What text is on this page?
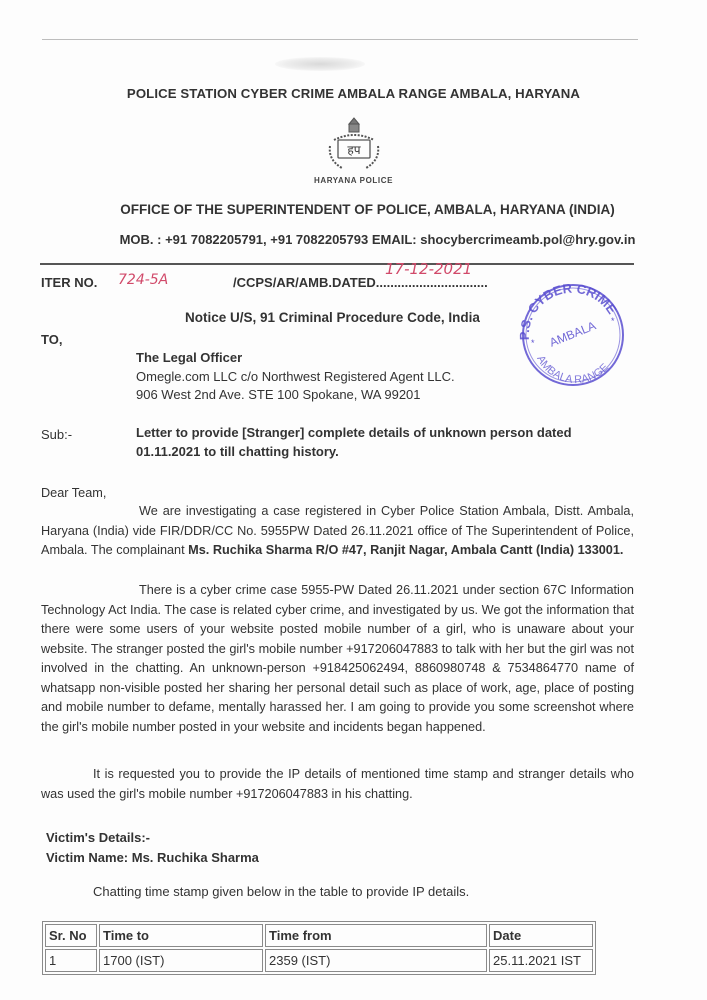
POLICE STATION CYBER CRIME AMBALA RANGE AMBALA, HARYANA
हप
HARYANA POLICE
OFFICE OF THE SUPERINTENDENT OF POLICE, AMBALA, HARYANA (INDIA)
MOB. : +91 7082205791, +91 7082205793 EMAIL: shocybercrimeamb.pol@hry.gov.in
ITER NO. 724-5A	/CCPS/AR/AMB.DATED...............................
17-12-2021
P.S. CYBER CRIME
AMBALA
AMBALA RANGE
*
*
Notice U/S, 91 Criminal Procedure Code, India
TO,
The Legal Officer
Omegle.com LLC c/o Northwest Registered Agent LLC.
906 West 2nd Ave. STE 100 Spokane, WA 99201
Sub:-	Letter to provide [Stranger] complete details of unknown person dated 01.11.2021 to till chatting history.
Dear Team,
We are investigating a case registered in Cyber Police Station Ambala, Distt. Ambala, Haryana (India) vide FIR/DDR/CC No. 5955PW Dated 26.11.2021 office of The Superintendent of Police, Ambala. The complainant Ms. Ruchika Sharma R/O #47, Ranjit Nagar, Ambala Cantt (India) 133001.
There is a cyber crime case 5955-PW Dated 26.11.2021 under section 67C Information Technology Act India. The case is related cyber crime, and investigated by us. We got the information that there were some users of your website posted mobile number of a girl, who is unaware about your website. The stranger posted the girl's mobile number +917206047883 to talk with her but the girl was not involved in the chatting. An unknown-person +918425062494, 8860980748 & 7534864770 name of whatsapp non-visible posted her sharing her personal detail such as place of work, age, place of posting and mobile number to defame, mentally harassed her. I am going to provide you some screenshot where the girl's mobile number posted in your website and incidents began happened.
It is requested you to provide the IP details of mentioned time stamp and stranger details who was used the girl's mobile number +917206047883 in his chatting.
Victim's Details:-
Victim Name: Ms. Ruchika Sharma
Chatting time stamp given below in the table to provide IP details.
Sr. No	Time to	Time from	Date
1	1700 (IST)	2359 (IST)	25.11.2021 IST
